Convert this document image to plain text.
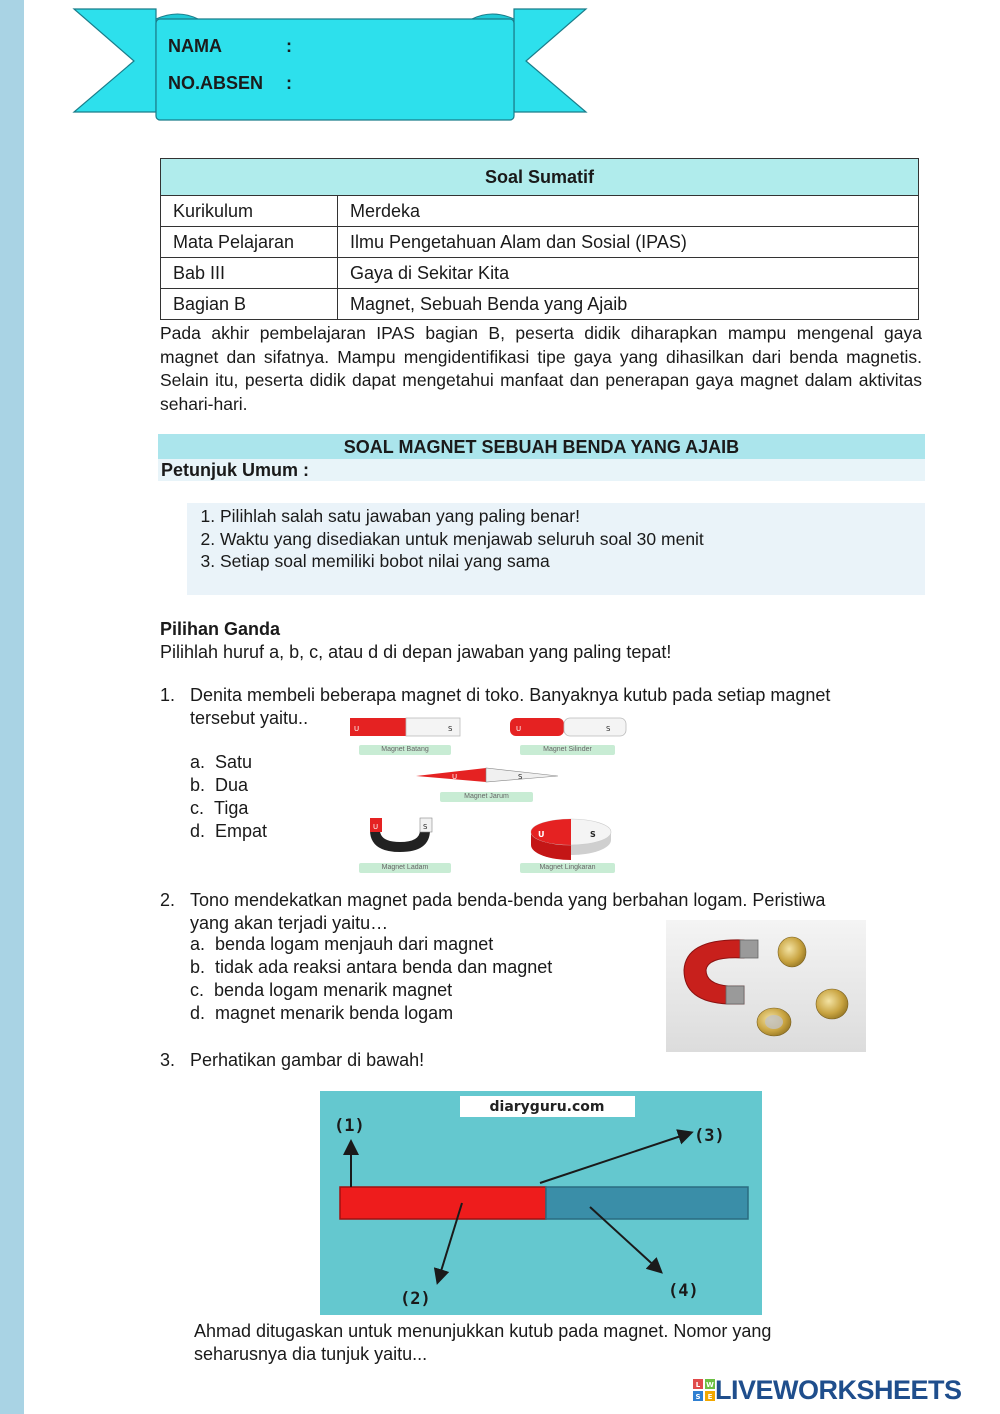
NAMA	:
NO.ABSEN :
Soal Sumatif	
Kurikulum	Merdeka
Mata Pelajaran	Ilmu Pengetahuan Alam dan Sosial (IPAS)
Bab III	Gaya di Sekitar Kita
Bagian B	Magnet, Sebuah Benda yang Ajaib
Pada akhir pembelajaran IPAS bagian B, peserta didik diharapkan mampu mengenal gaya magnet dan sifatnya. Mampu mengidentifikasi tipe gaya yang dihasilkan dari benda magnetis. Selain itu, peserta didik dapat mengetahui manfaat dan penerapan gaya magnet dalam aktivitas sehari-hari.
SOAL MAGNET SEBUAH BENDA YANG AJAIB
Petunjuk Umum :
1. Pilihlah salah satu jawaban yang paling benar!
2. Waktu yang disediakan untuk menjawab seluruh soal 30 menit
3. Setiap soal memiliki bobot nilai yang sama
Pilihan Ganda
Pilihlah huruf a, b, c, atau d di depan jawaban yang paling tepat!
1. Denita membeli beberapa magnet di toko. Banyaknya kutub pada setiap magnet
tersebut yaitu..
a. Satu
b. Dua
c. Tiga
d. Empat
U	S	U	S
U	S
U	S
U	S
Magnet Batang	Magnet Silinder
Magnet Jarum
Magnet Ladam	Magnet Lingkaran
2. Tono mendekatkan magnet pada benda-benda yang berbahan logam. Peristiwa
yang akan terjadi yaitu…
a. benda logam menjauh dari magnet
b. tidak ada reaksi antara benda dan magnet
c. benda logam menarik magnet
d. magnet menarik benda logam
3. Perhatikan gambar di bawah!
diaryguru.com
(1)
(2)
(3)
(4)
Ahmad ditugaskan untuk menunjukkan kutub pada magnet. Nomor yang
seharusnya dia tunjuk yaitu...
L W
S E LIVEWORKSHEETS
